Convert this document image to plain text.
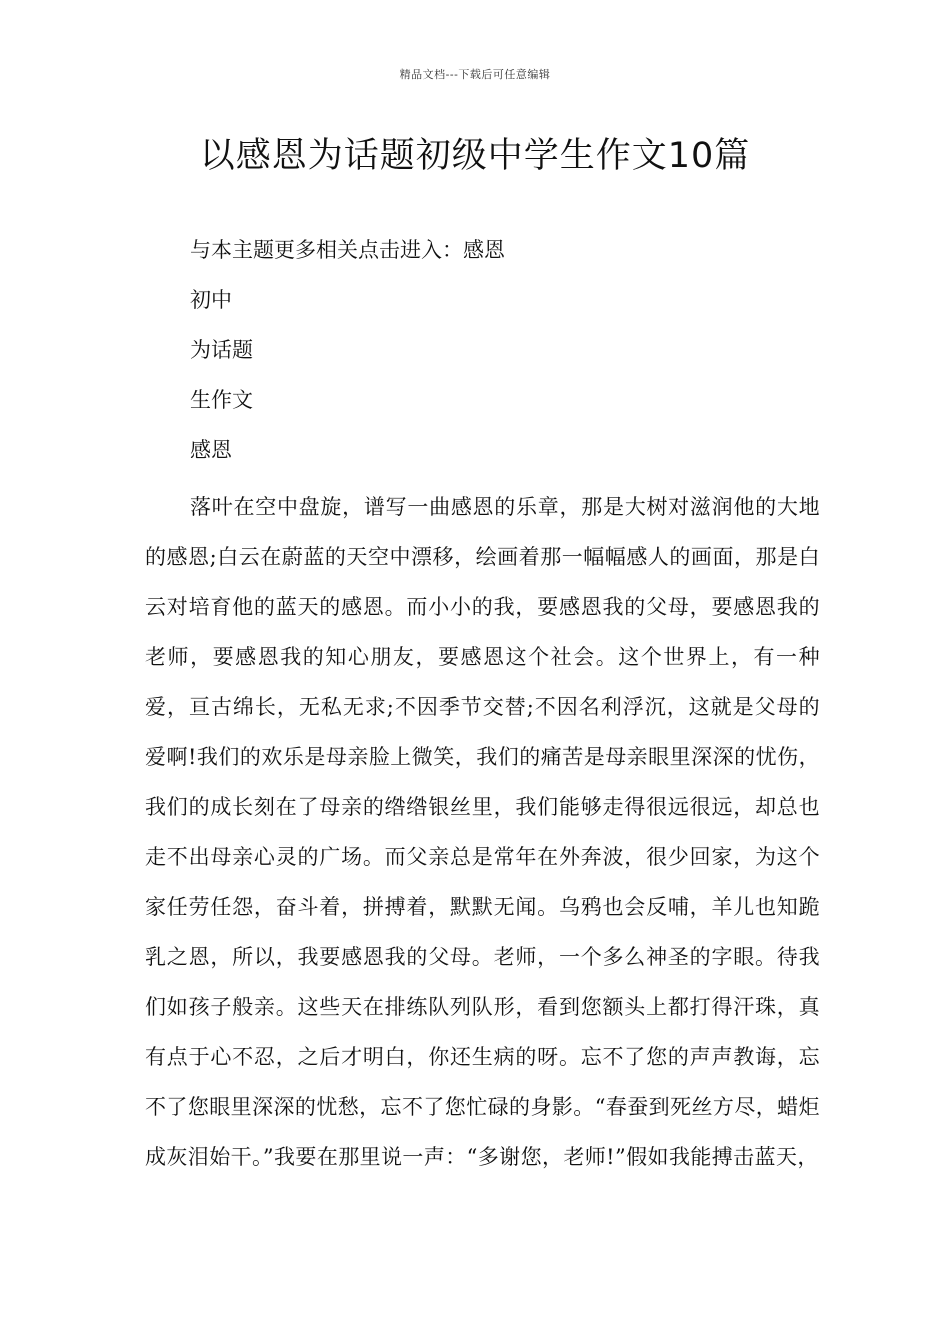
精品文档---下载后可任意编辑
以感恩为话题初级中学生作文10篇
与本主题更多相关点击进入：感恩
初中
为话题
生作文
感恩

落叶在空中盘旋，谱写一曲感恩的乐章，那是大树对滋润他的大地的感恩;白云在蔚蓝的天空中漂移，绘画着那一幅幅感人的画面，那是白云对培育他的蓝天的感恩。而小小的我，要感恩我的父母，要感恩我的老师，要感恩我的知心朋友，要感恩这个社会。这个世界上，有一种爱，亘古绵长，无私无求;不因季节交替;不因名利浮沉，这就是父母的爱啊!我们的欢乐是母亲脸上微笑，我们的痛苦是母亲眼里深深的忧伤，我们的成长刻在了母亲的绺绺银丝里，我们能够走得很远很远，却总也走不出母亲心灵的广场。而父亲总是常年在外奔波，很少回家，为这个家任劳任怨，奋斗着，拼搏着，默默无闻。乌鸦也会反哺，羊儿也知跪乳之恩，所以，我要感恩我的父母。老师，一个多么神圣的字眼。待我们如孩子般亲。这些天在排练队列队形，看到您额头上都打得汗珠，真有点于心不忍，之后才明白，你还生病的呀。忘不了您的声声教诲，忘不了您眼里深深的忧愁，忘不了您忙碌的身影。“春蚕到死丝方尽，蜡炬成灰泪始干。”我要在那里说一声：“多谢您，老师!”假如我能搏击蓝天，
